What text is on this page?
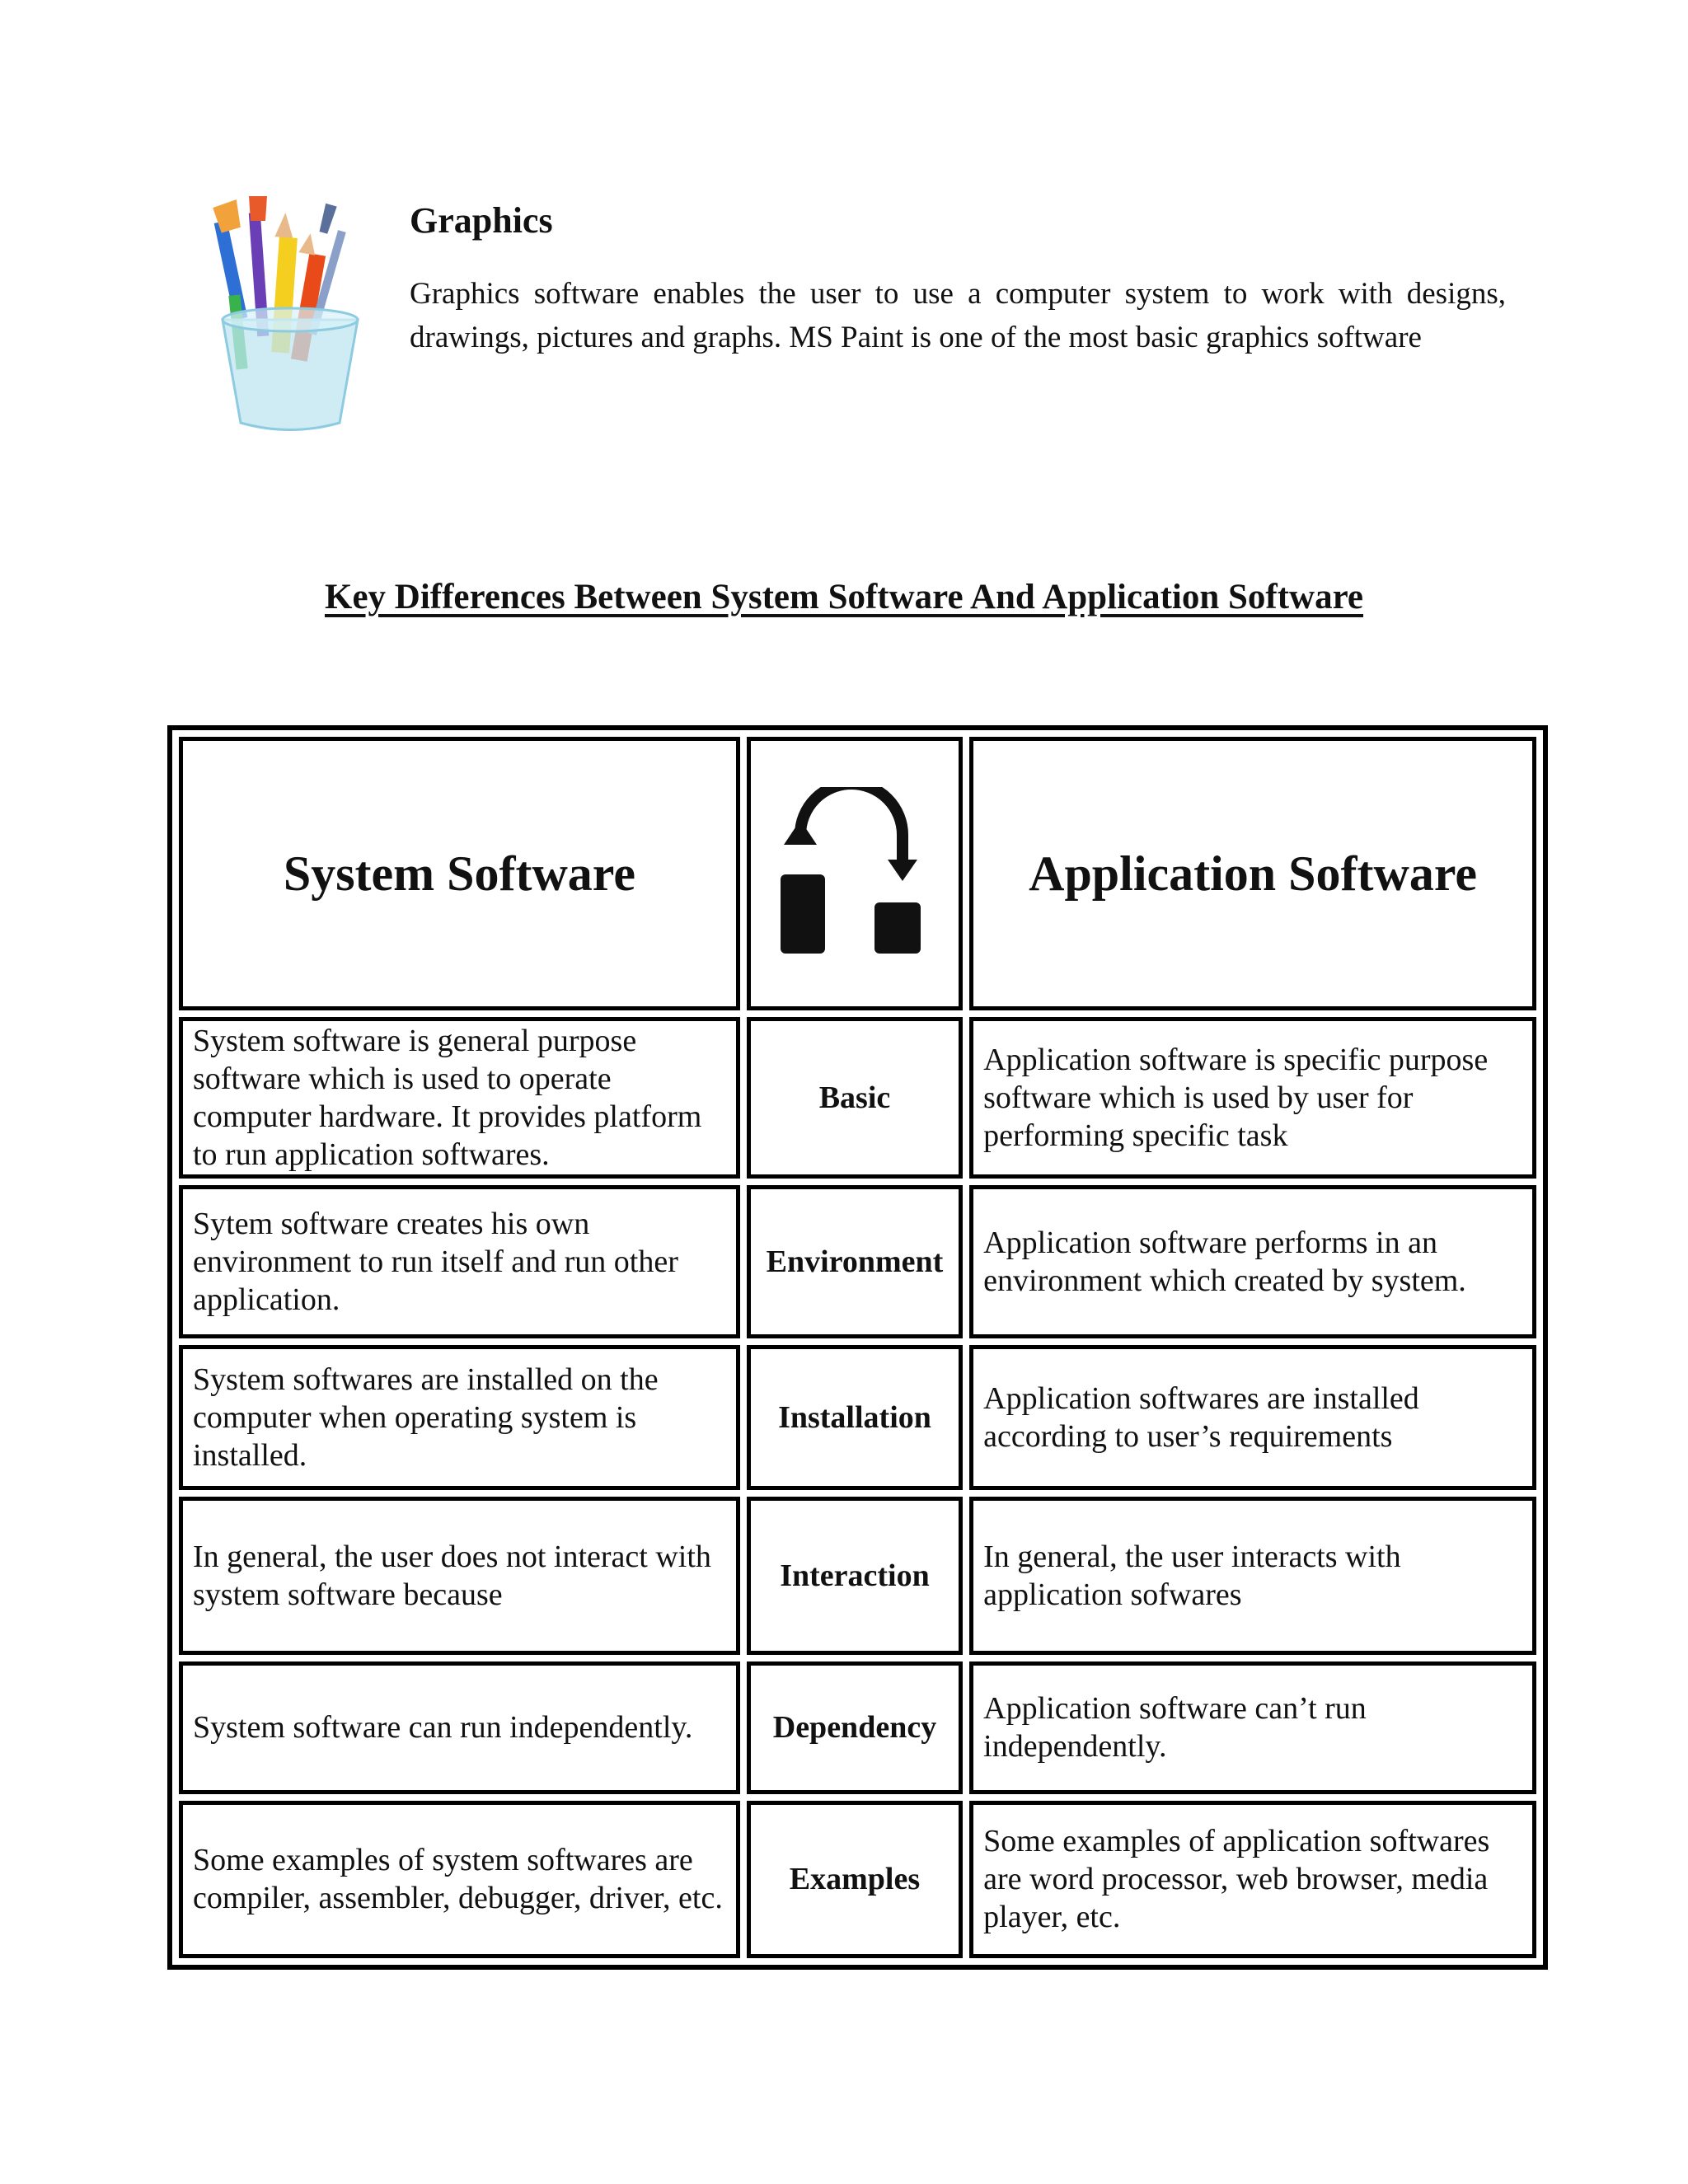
Graphics

Graphics software enables the user to use a computer system to work with designs, drawings, pictures and graphs. MS Paint is one of the most basic graphics software

Key Differences Between System Software And Application Software
System Software		Application Software
System software is general purpose software which is used to operate computer hardware. It provides platform to run application softwares.	Basic	Application software is specific purpose software which is used by user for performing specific task
Sytem software creates his own environment to run itself and run other application.	Environment	Application software performs in an environment which created by system.
System softwares are installed on the computer when operating system is installed.	Installation	Application softwares are installed according to user’s requirements
In general, the user does not interact with system software because	Interaction	In general, the user interacts with application sofwares
System software can run independently.	Dependency	Application software can’t run independently.
Some examples of system softwares are compiler, assembler, debugger, driver, etc.	Examples	Some examples of application softwares are word processor, web browser, media player, etc.
